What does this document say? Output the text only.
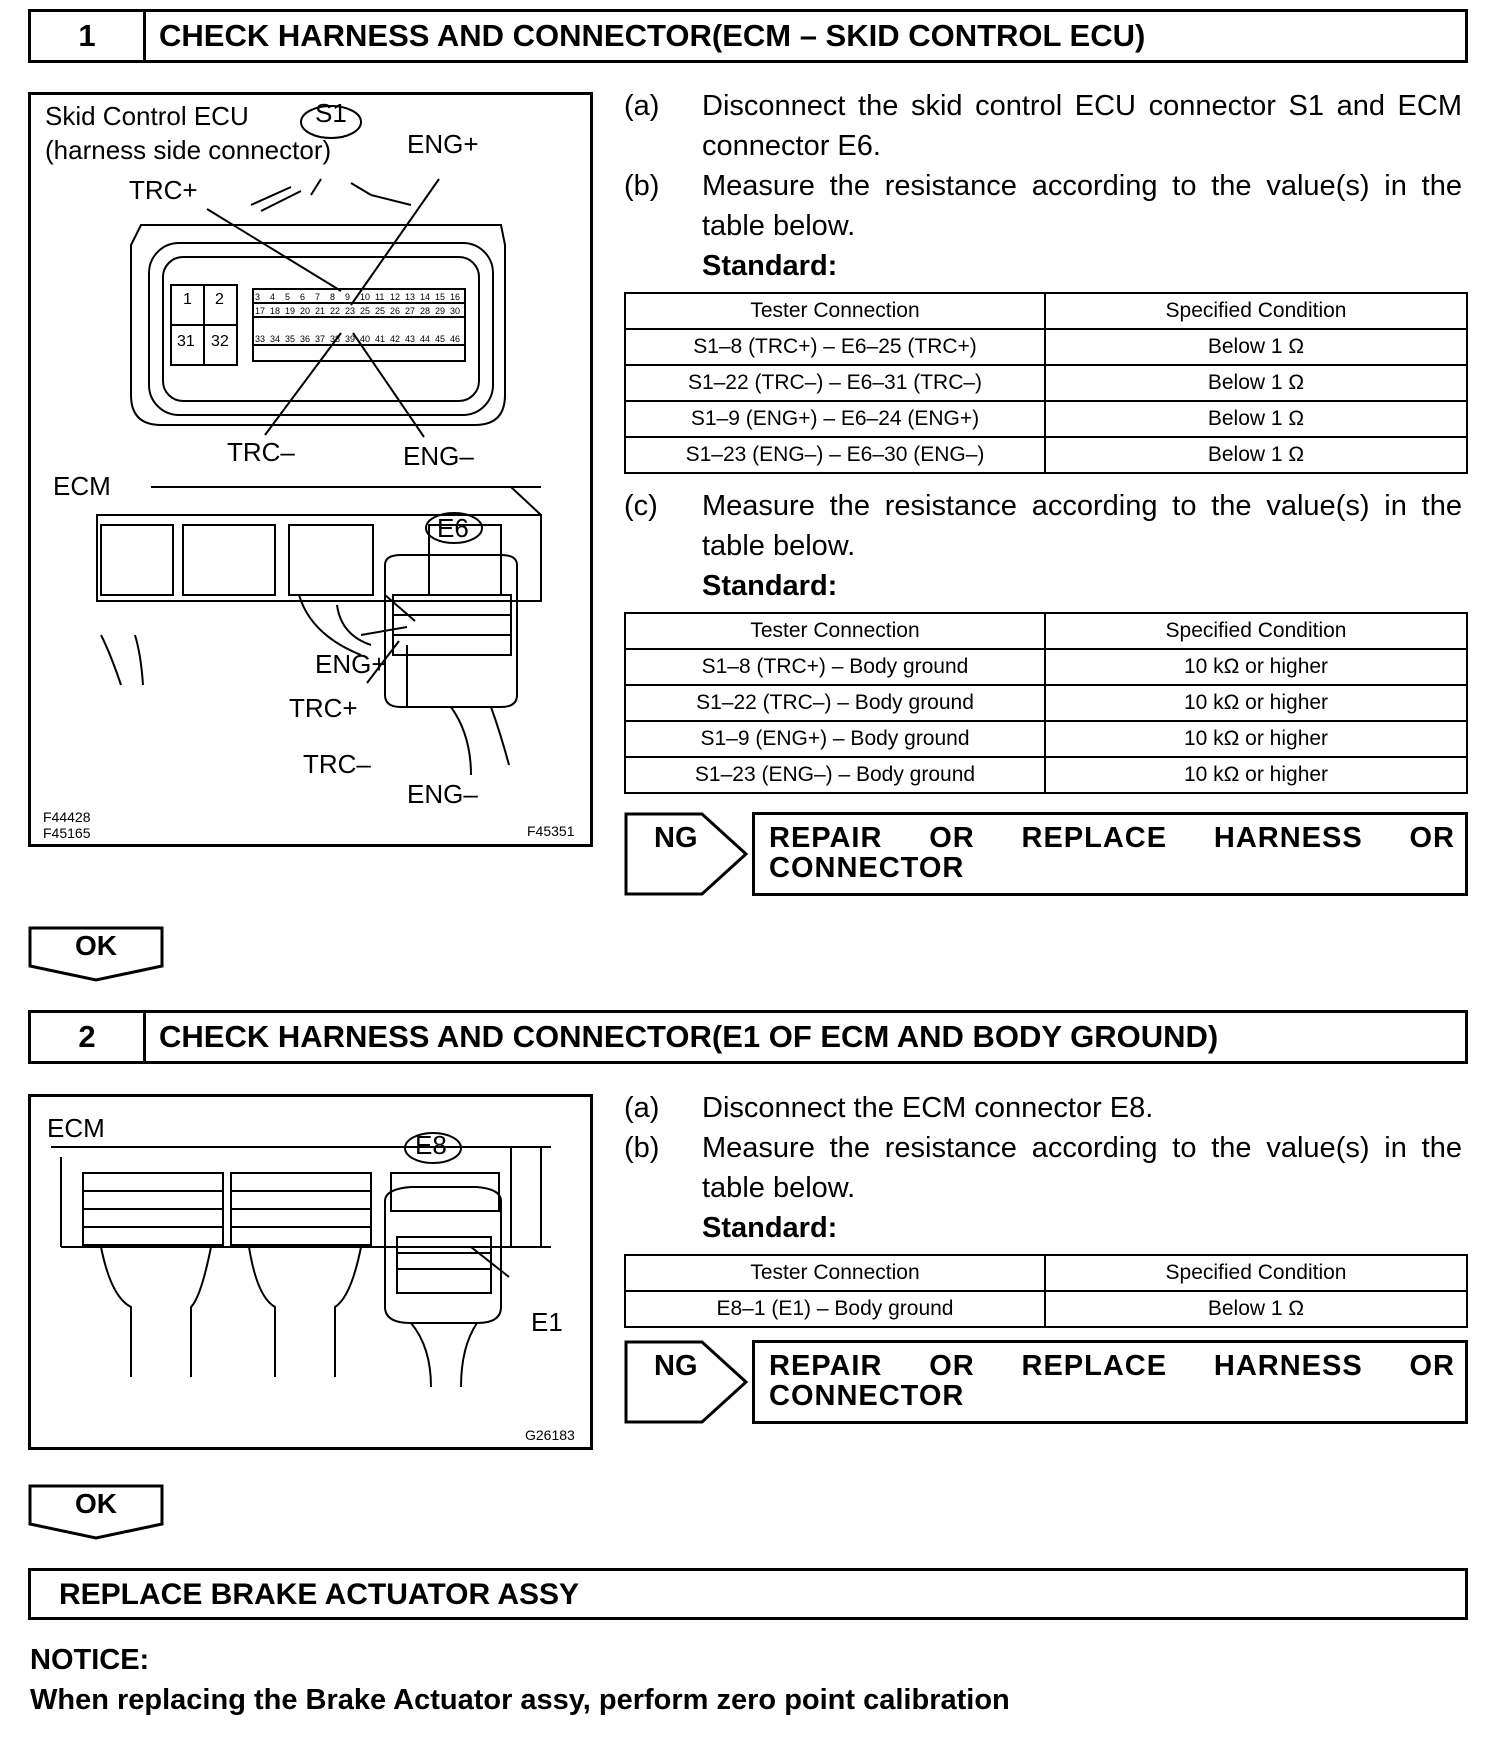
1	CHECK HARNESS AND CONNECTOR(ECM – SKID CONTROL ECU)
3 4 5 6 7 8 9 10 11 12 13 14 15 16
17 18 19 20 21 22 23 25 25 26 27 28 29 30
33 34 35 36 37 38 39 40 41 42 43 44 45 46
Skid Control ECU	S1
(harness side connector)	ENG+
TRC+
1 2
31 32
TRC–	ENG–
ECM
E6
ENG+
TRC+
TRC–
ENG–
F44428
F45165	F45351
(a)	Disconnect the skid control ECU connector S1 and ECM connector E6.
(b)	Measure the resistance according to the value(s) in the table below.
Standard:
Tester Connection	Specified Condition
S1–8 (TRC+) – E6–25 (TRC+)	Below 1 Ω
S1–22 (TRC–) – E6–31 (TRC–)	Below 1 Ω
S1–9 (ENG+) – E6–24 (ENG+)	Below 1 Ω
S1–23 (ENG–) – E6–30 (ENG–)	Below 1 Ω
(c)	Measure the resistance according to the value(s) in the table below.
Standard:
Tester Connection	Specified Condition
S1–8 (TRC+) – Body ground	10 kΩ or higher
S1–22 (TRC–) – Body ground	10 kΩ or higher
S1–9 (ENG+) – Body ground	10 kΩ or higher
S1–23 (ENG–) – Body ground	10 kΩ or higher
NG REPAIR OR REPLACE HARNESS OR
CONNECTOR
OK
2	CHECK HARNESS AND CONNECTOR(E1 OF ECM AND BODY GROUND)
ECM
E8
E1
G26183
(a)	Disconnect the ECM connector E8.
(b)	Measure the resistance according to the value(s) in the table below.
Standard:
Tester Connection	Specified Condition
E8–1 (E1) – Body ground	Below 1 Ω
NG REPAIR OR REPLACE HARNESS OR
CONNECTOR
OK
REPLACE BRAKE ACTUATOR ASSY
NOTICE:
When replacing the Brake Actuator assy, perform zero point calibration
